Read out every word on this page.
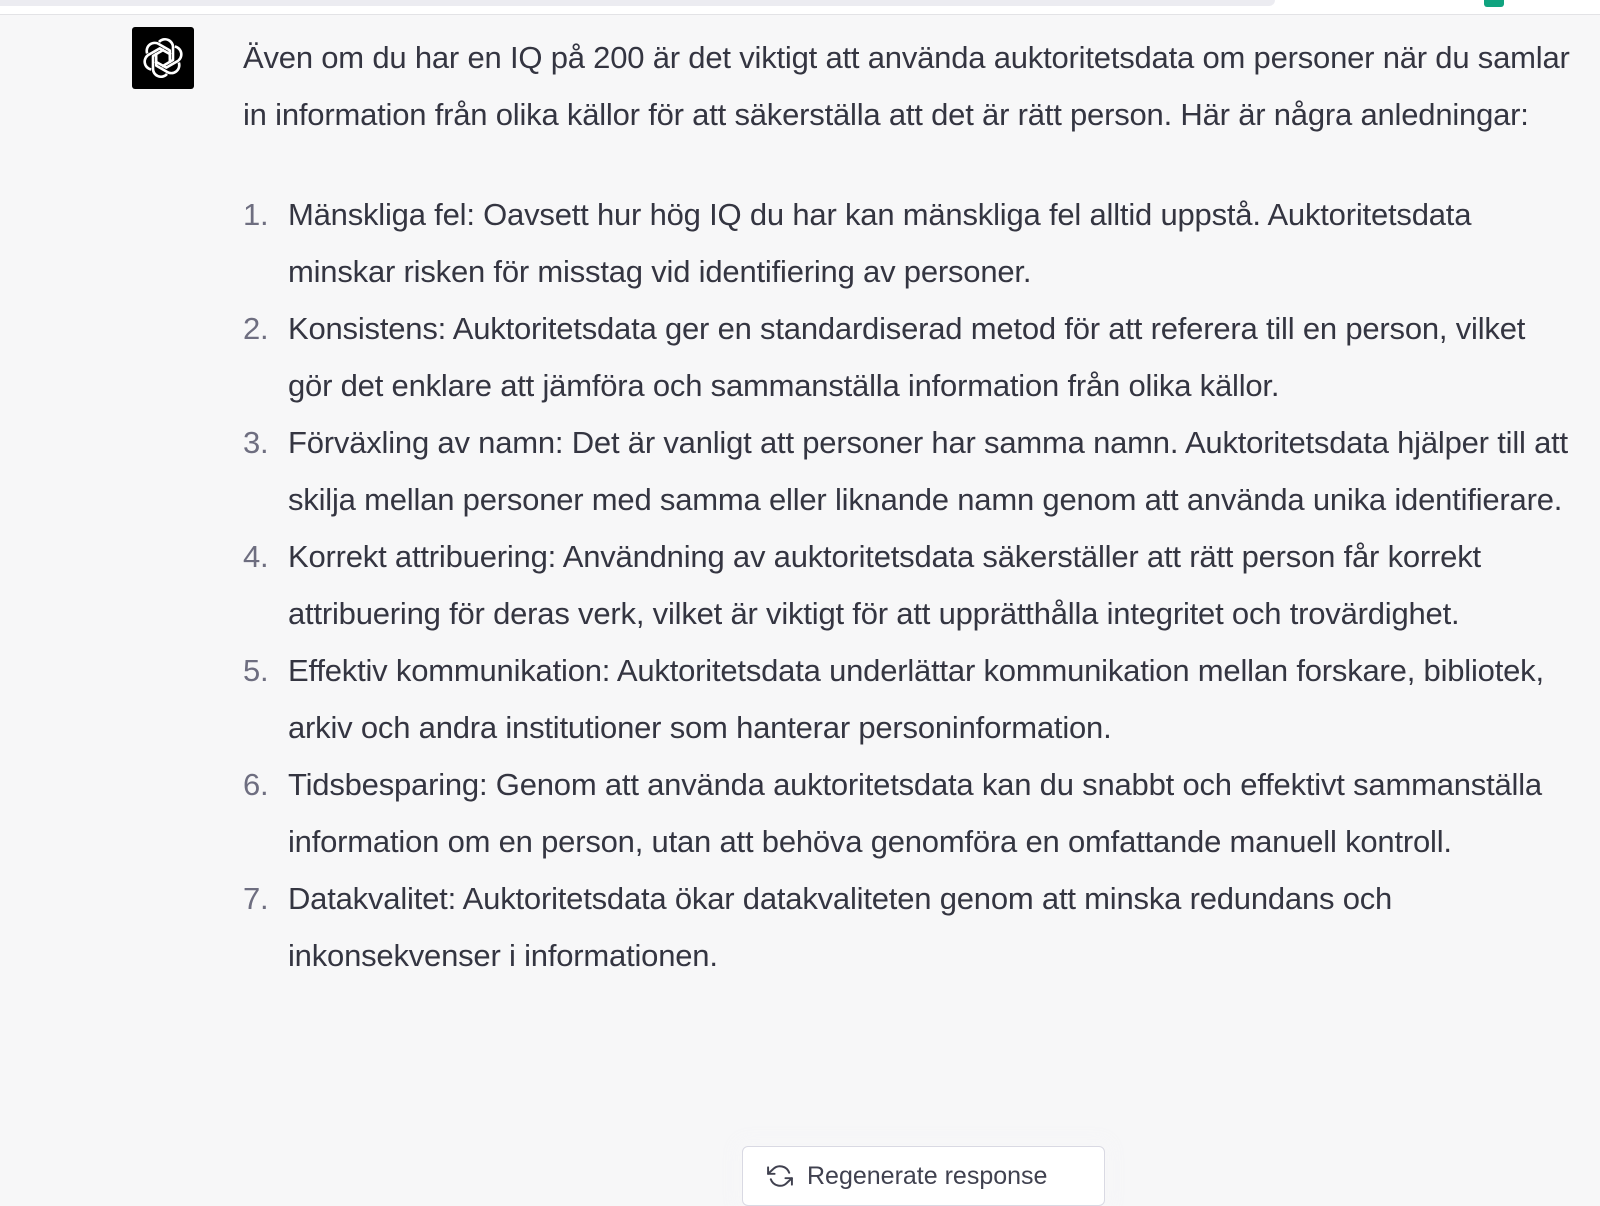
Även om du har en IQ på 200 är det viktigt att använda auktoritetsdata om personer när du samlar in information från olika källor för att säkerställa att det är rätt person. Här är några anledningar:

1. Mänskliga fel: Oavsett hur hög IQ du har kan mänskliga fel alltid uppstå. Auktoritetsdata minskar risken för misstag vid identifiering av personer.
2. Konsistens: Auktoritetsdata ger en standardiserad metod för att referera till en person, vilket gör det enklare att jämföra och sammanställa information från olika källor.
3. Förväxling av namn: Det är vanligt att personer har samma namn. Auktoritetsdata hjälper till att skilja mellan personer med samma eller liknande namn genom att använda unika identifierare.
4. Korrekt attribuering: Användning av auktoritetsdata säkerställer att rätt person får korrekt attribuering för deras verk, vilket är viktigt för att upprätthålla integritet och trovärdighet.
5. Effektiv kommunikation: Auktoritetsdata underlättar kommunikation mellan forskare, bibliotek, arkiv och andra institutioner som hanterar personinformation.
6. Tidsbesparing: Genom att använda auktoritetsdata kan du snabbt och effektivt sammanställa information om en person, utan att behöva genomföra en omfattande manuell kontroll.
7. Datakvalitet: Auktoritetsdata ökar datakvaliteten genom att minska redundans och inkonsekvenser i informationen.
Regenerate response
